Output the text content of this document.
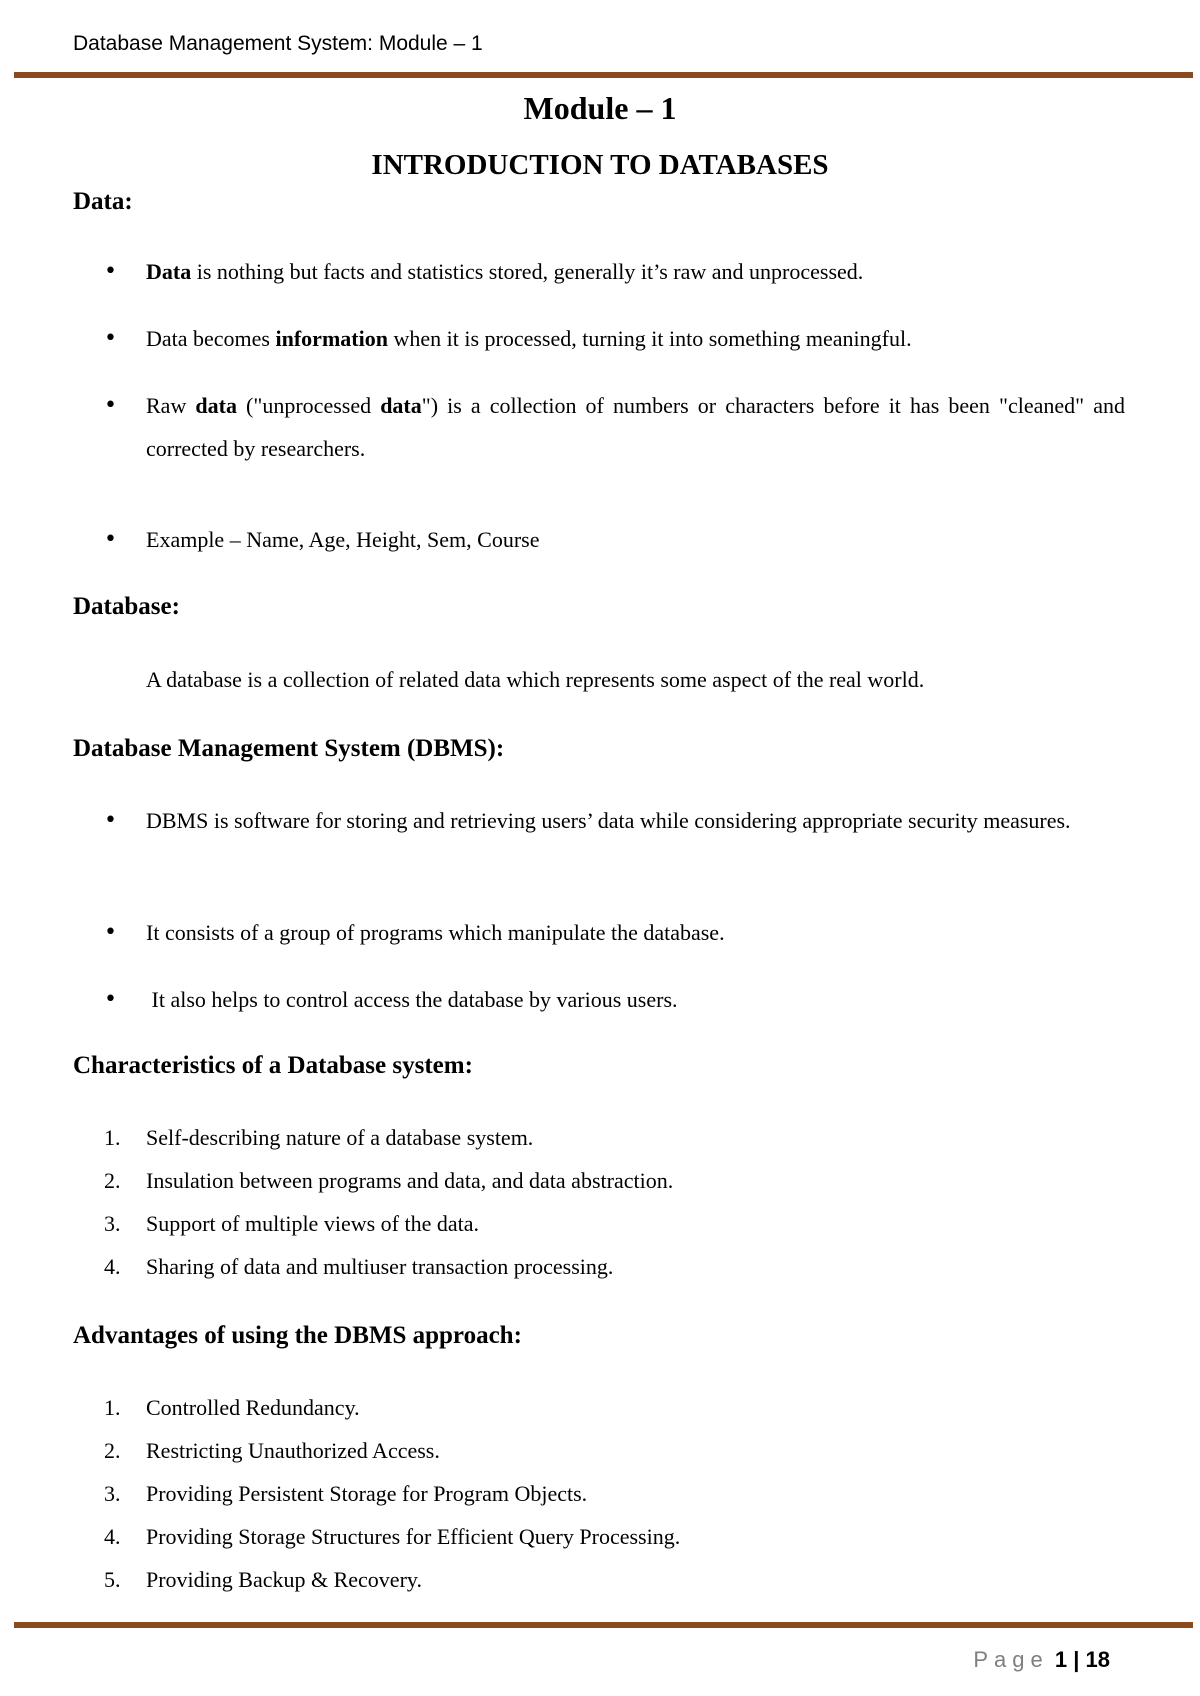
Database Management System: Module – 1
Module – 1
INTRODUCTION TO DATABASES
Data:
•	Data is nothing but facts and statistics stored, generally it’s raw and unprocessed.
•	Data becomes information when it is processed, turning it into something meaningful.
•	Raw data ("unprocessed data") is a collection of numbers or characters before it has been "cleaned" and corrected by researchers.
•	Example – Name, Age, Height, Sem, Course
Database:
A database is a collection of related data which represents some aspect of the real world.
Database Management System (DBMS):
•	DBMS is software for storing and retrieving users’ data while considering appropriate security measures.
•	It consists of a group of programs which manipulate the database.
•	It also helps to control access the database by various users.
Characteristics of a Database system:
1.	Self-describing nature of a database system.
2.	Insulation between programs and data, and data abstraction.
3.	Support of multiple views of the data.
4.	Sharing of data and multiuser transaction processing.
Advantages of using the DBMS approach:
1.	Controlled Redundancy.
2.	Restricting Unauthorized Access.
3.	Providing Persistent Storage for Program Objects.
4.	Providing Storage Structures for Efficient Query Processing.
5.	Providing Backup & Recovery.
Page 1 | 18
